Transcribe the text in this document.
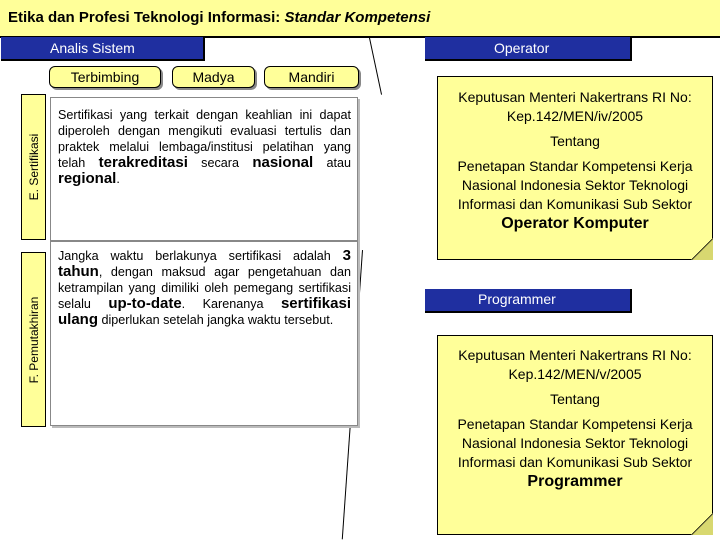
Etika dan Profesi Teknologi Informasi: Standar Kompetensi
Analis Sistem	Operator
Programmer
Terbimbing	Madya	Mandiri
E. Sertifikasi
F. Pemutakhiran
Sertifikasi yang terkait dengan keahlian ini dapat diperoleh dengan mengikuti evaluasi tertulis dan praktek melalui lembaga/institusi pelatihan yang telah terakreditasi secara nasional atau regional.
Jangka waktu berlakunya sertifikasi adalah 3 tahun, dengan maksud agar pengetahuan dan ketrampilan yang dimiliki oleh pemegang sertifikasi selalu up-to-date. Karenanya sertifikasi ulang diperlukan setelah jangka waktu tersebut.

Keputusan Menteri Nakertrans RI No: Kep.142/MEN/iv/2005

Tentang

Penetapan Standar Kompetensi Kerja Nasional Indonesia Sektor Teknologi Informasi dan Komunikasi Sub Sektor

Operator Komputer

Keputusan Menteri Nakertrans RI No: Kep.142/MEN/v/2005

Tentang

Penetapan Standar Kompetensi Kerja Nasional Indonesia Sektor Teknologi Informasi dan Komunikasi Sub Sektor

Programmer
